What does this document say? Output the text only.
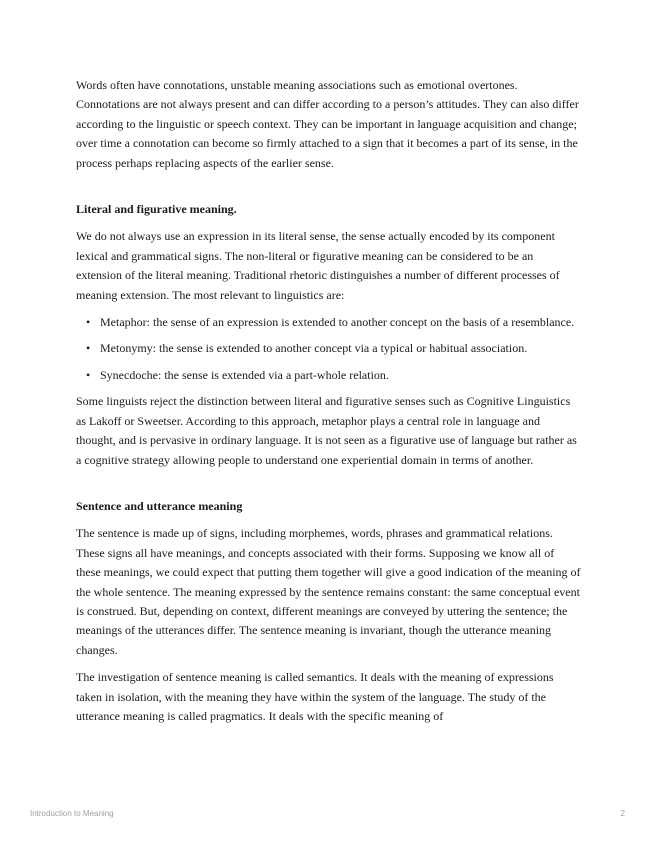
Words often have connotations, unstable meaning associations such as emotional overtones. Connotations are not always present and can differ according to a person’s attitudes. They can also differ according to the linguistic or speech context. They can be important in language acquisition and change; over time a connotation can become so firmly attached to a sign that it becomes a part of its sense, in the process perhaps replacing aspects of the earlier sense.

Literal and figurative meaning.

We do not always use an expression in its literal sense, the sense actually encoded by its component lexical and grammatical signs. The non-literal or figurative meaning can be considered to be an extension of the literal meaning. Traditional rhetoric distinguishes a number of different processes of meaning extension. The most relevant to linguistics are:

• Metaphor: the sense of an expression is extended to another concept on the basis of a resemblance.
• Metonymy: the sense is extended to another concept via a typical or habitual association.
• Synecdoche: the sense is extended via a part-whole relation.

Some linguists reject the distinction between literal and figurative senses such as Cognitive Linguistics as Lakoff or Sweetser. According to this approach, metaphor plays a central role in language and thought, and is pervasive in ordinary language. It is not seen as a figurative use of language but rather as a cognitive strategy allowing people to understand one experiential domain in terms of another.

Sentence and utterance meaning

The sentence is made up of signs, including morphemes, words, phrases and grammatical relations. These signs all have meanings, and concepts associated with their forms. Supposing we know all of these meanings, we could expect that putting them together will give a good indication of the meaning of the whole sentence. The meaning expressed by the sentence remains constant: the same conceptual event is construed. But, depending on context, different meanings are conveyed by uttering the sentence; the meanings of the utterances differ. The sentence meaning is invariant, though the utterance meaning changes.

The investigation of sentence meaning is called semantics. It deals with the meaning of expressions taken in isolation, with the meaning they have within the system of the language. The study of the utterance meaning is called pragmatics. It deals with the specific meaning of

Introduction to Meaning	2
